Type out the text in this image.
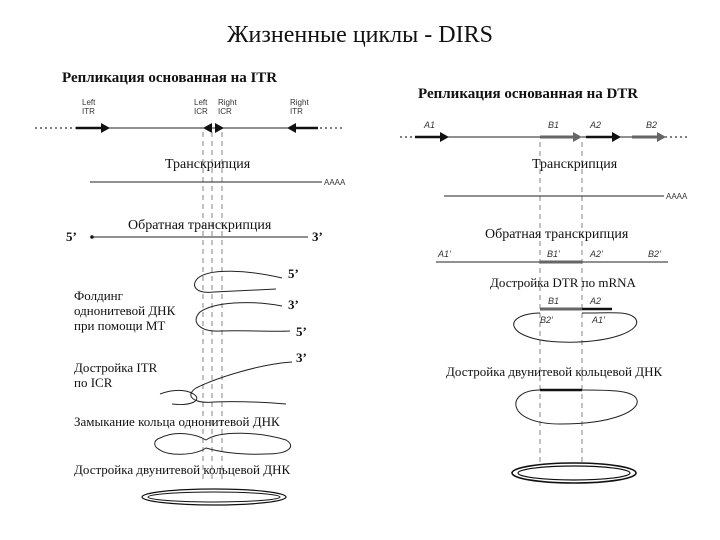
Жизненные циклы - DIRS
Репликация основанная на ITR
Left
ITR
Left
ICR
Right
ICR
Right
ITR
Транскрипция
AAAA
Обратная транскрипция
5’	3’
5’
Фолдинг
однонитевой ДНК
при помощи МТ
3’
5’
3’
Достройка ITR
по ICR
Замыкание кольца однонитевой ДНК
Достройка двунитевой кольцевой ДНК
Репликация основанная на DTR
A1	B1	A2	B2
Транскрипция
AAAA
Обратная транскрипция
A1’	B1’	A2’	B2’
Достройка DTR по mRNA
B1	A2
B2’	A1’
Достройка двунитевой кольцевой ДНК
